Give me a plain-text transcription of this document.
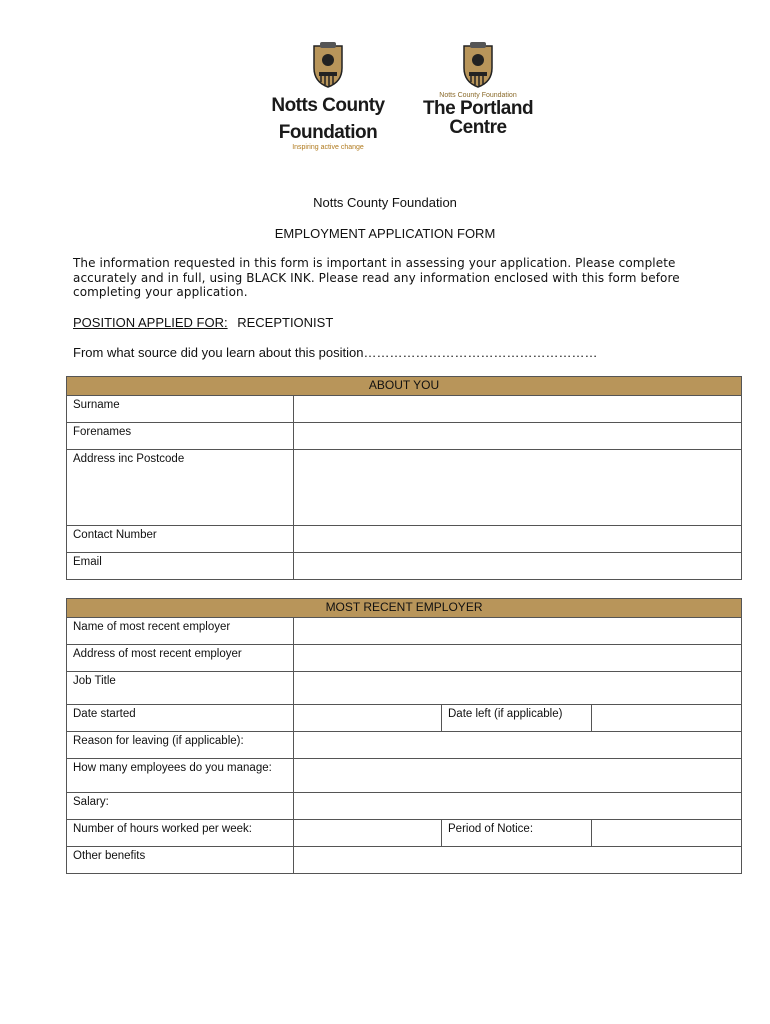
Notts County
Foundation
Inspiring active change
Notts County Foundation
The Portland
Centre
Notts County Foundation
EMPLOYMENT APPLICATION FORM
The information requested in this form is important in assessing your application. Please complete accurately and in full, using BLACK INK. Please read any information enclosed with this form before completing your application.
POSITION APPLIED FOR: RECEPTIONIST
From what source did you learn about this position………………………………………………
ABOUT YOU	
Surname	
Forenames	
Address inc Postcode	
Contact Number	
Email	
MOST RECENT EMPLOYER			
Name of most recent employer			
Address of most recent employer			
Job Title			
Date started		Date left (if applicable)	
Reason for leaving (if applicable):			
How many employees do you manage:			
Salary:			
Number of hours worked per week:		Period of Notice:	
Other benefits			
